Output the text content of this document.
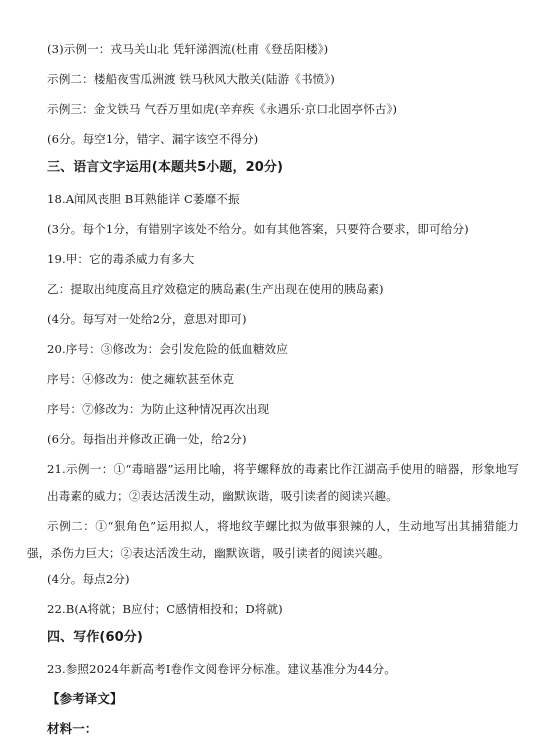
(3)示例一：戎马关山北 凭轩涕泗流(杜甫《登岳阳楼》)
示例二：楼船夜雪瓜洲渡 铁马秋风大散关(陆游《书愤》)
示例三：金戈铁马 气吞万里如虎(辛弃疾《永遇乐·京口北固亭怀古》)
(6分。每空1分，错字、漏字该空不得分)
三、语言文字运用(本题共5小题，20分)
18.A闻风丧胆 B耳熟能详 C萎靡不振
(3分。每个1分，有错别字该处不给分。如有其他答案，只要符合要求，即可给分)
19.甲：它的毒杀威力有多大
乙：提取出纯度高且疗效稳定的胰岛素(生产出现在使用的胰岛素)
(4分。每写对一处给2分，意思对即可)
20.序号：③修改为：会引发危险的低血糖效应
序号：④修改为：使之瘫软甚至休克
序号：⑦修改为：为防止这种情况再次出现
(6分。每指出并修改正确一处，给2分)
21.示例一：①“毒暗器”运用比喻，将芋螺释放的毒素比作江湖高手使用的暗器，形象地写出毒素的威力；②表达活泼生动，幽默诙谐，吸引读者的阅读兴趣。
示例二：①“狠角色”运用拟人，将地纹芋螺比拟为做事狠辣的人，生动地写出其捕猎能力强，杀伤力巨大；②表达活泼生动，幽默诙谐，吸引读者的阅读兴趣。
(4分。每点2分)
22.B(A将就；B应付；C感情相投和；D将就)
四、写作(60分)
23.参照2024年新高考Ⅰ卷作文阅卷评分标准。建议基准分为44分。
【参考译文】
材料一：
